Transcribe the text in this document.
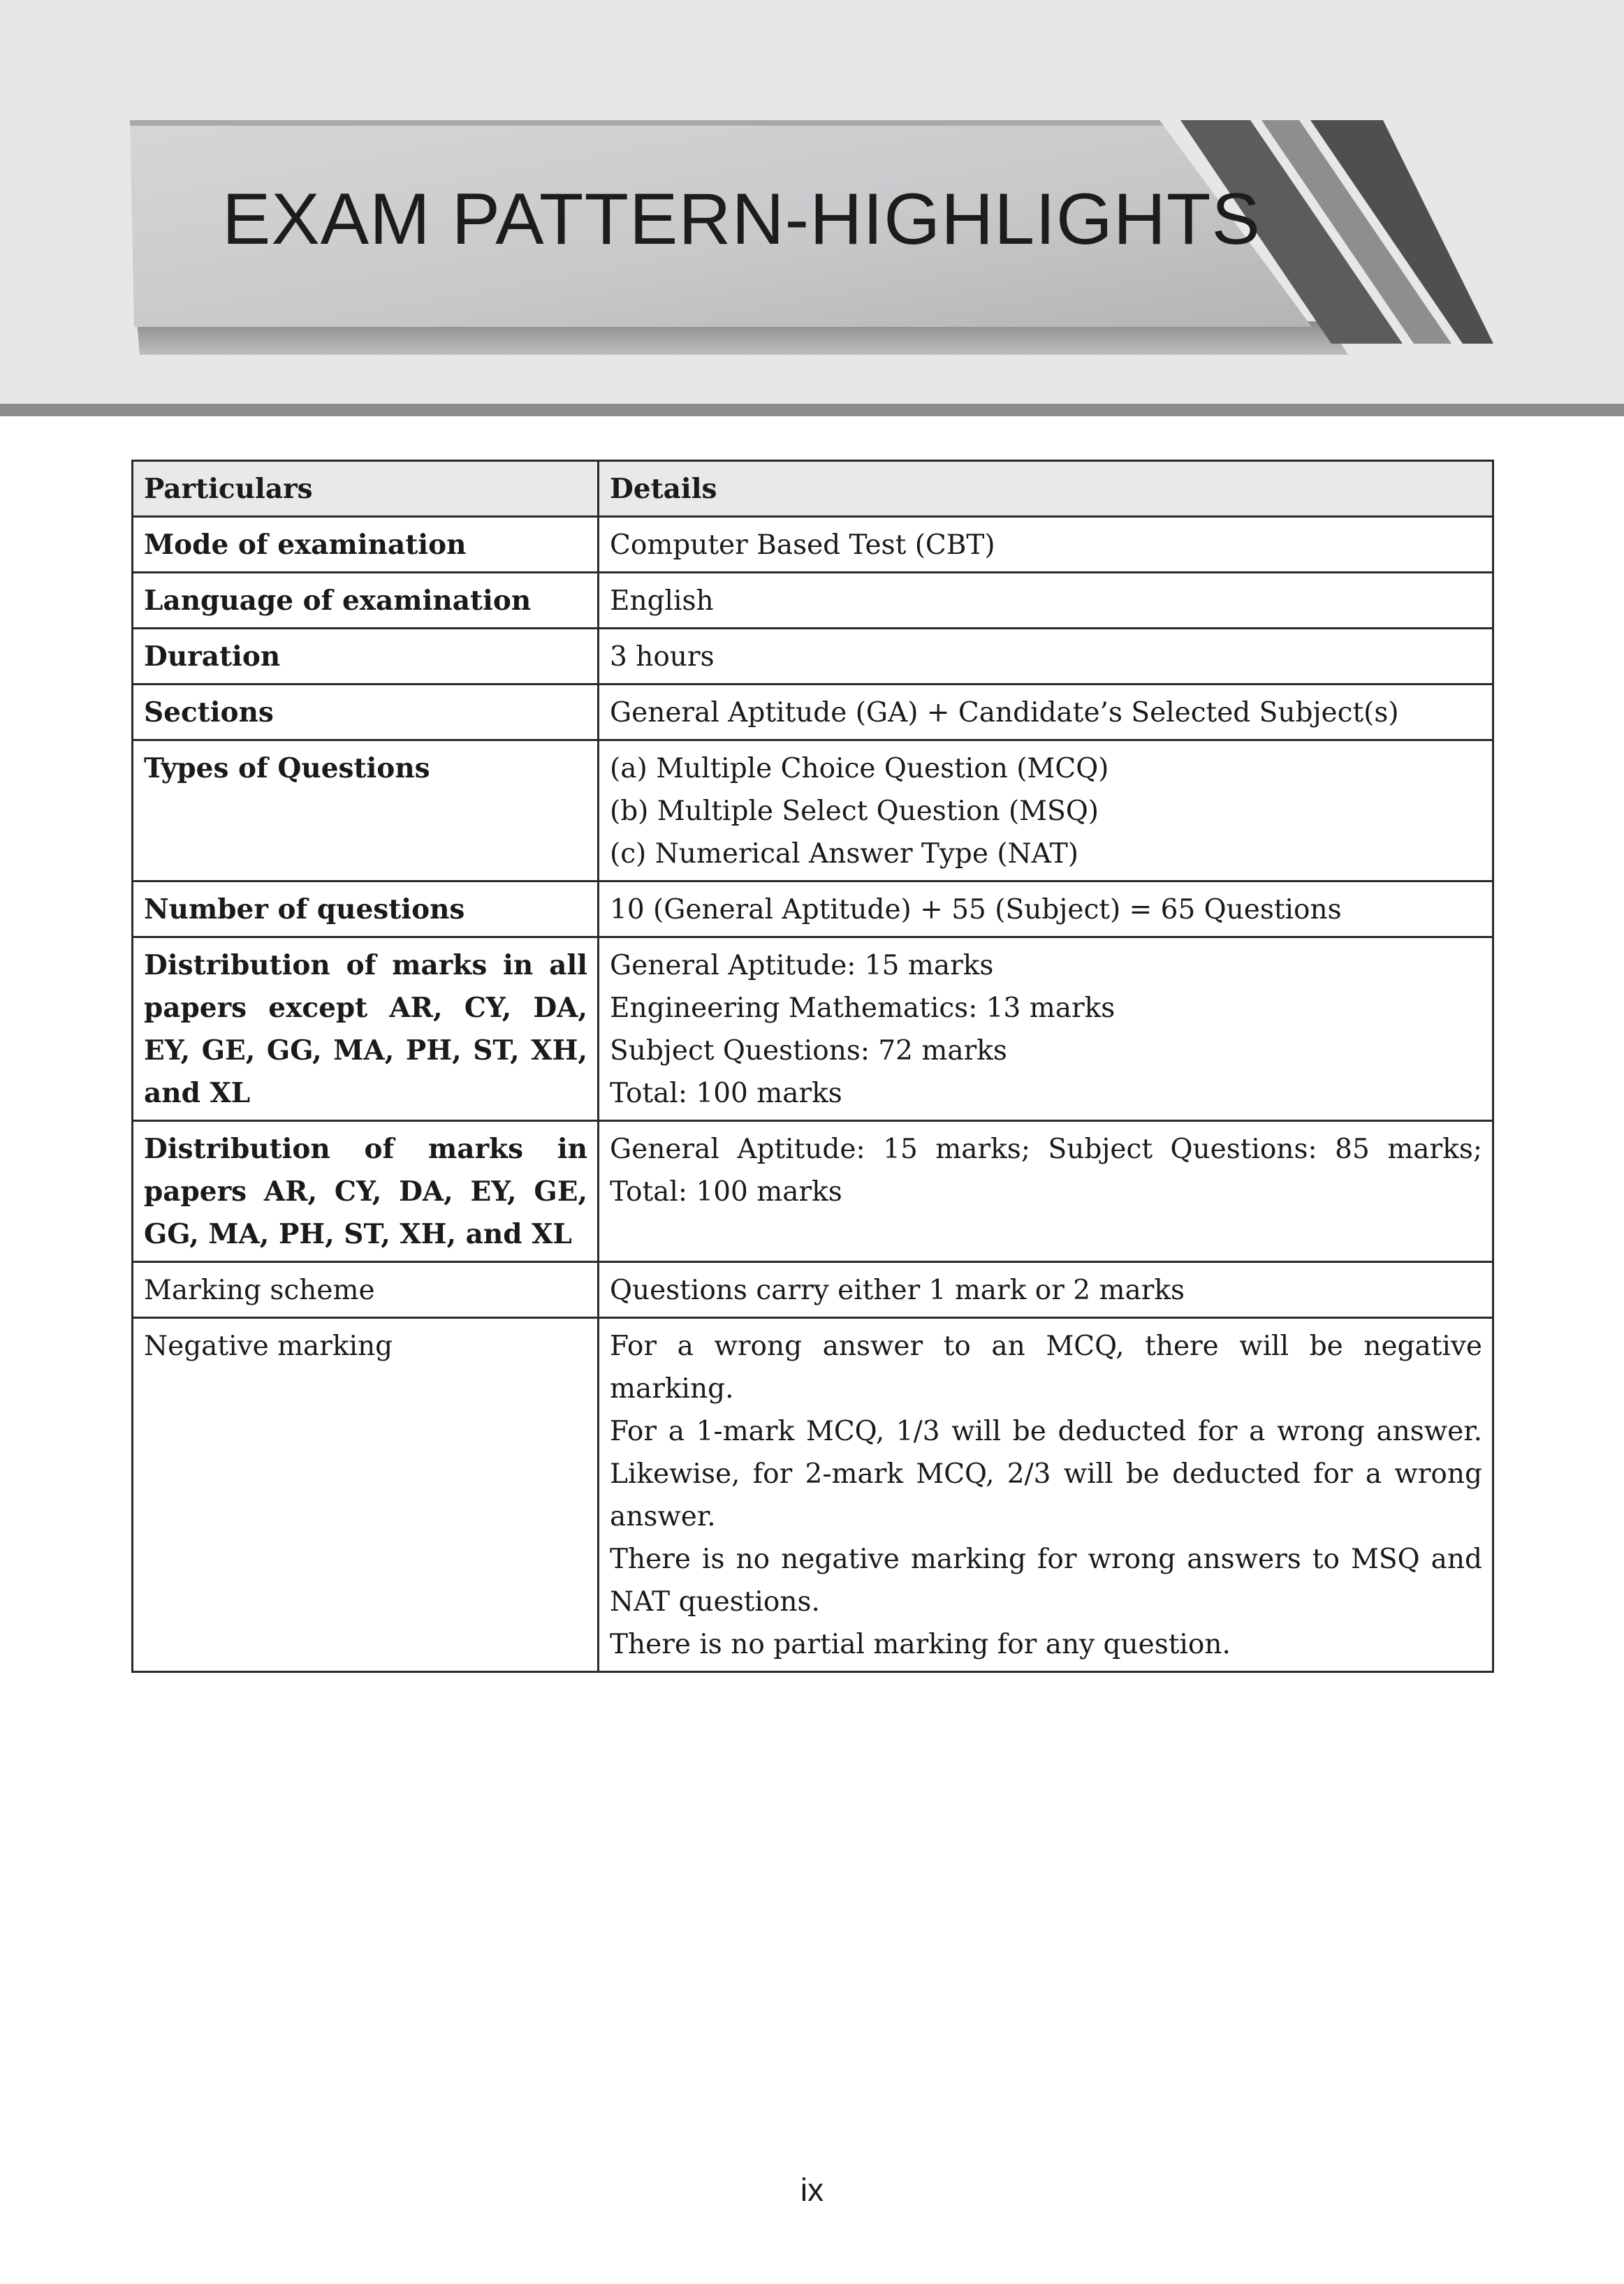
EXAM PATTERN-HIGHLIGHTS
Particulars	Details
Mode of examination	Computer Based Test (CBT)
Language of examination	English
Duration	3 hours
Sections	General Aptitude (GA) + Candidate’s Selected Subject(s)
Types of Questions	(a) Multiple Choice Question (MCQ)
(b) Multiple Select Question (MSQ)
(c) Numerical Answer Type (NAT)

Number of questions	10 (General Aptitude) + 55 (Subject) = 65 Questions
Distribution of marks in all papers except AR, CY, DA, EY, GE, GG, MA, PH, ST, XH, and XL	General Aptitude: 15 marks
Engineering Mathematics: 13 marks
Subject Questions: 72 marks
Total: 100 marks

Distribution of marks in papers AR, CY, DA, EY, GE, GG, MA, PH, ST, XH, and XL	General Aptitude: 15 marks; Subject Questions: 85 marks; Total: 100 marks
Marking scheme	Questions carry either 1 mark or 2 marks
Negative marking	For a wrong answer to an MCQ, there will be negative marking.
For a 1-mark MCQ, 1/3 will be deducted for a wrong answer. Likewise, for 2-mark MCQ, 2/3 will be deducted for a wrong answer.
There is no negative marking for wrong answers to MSQ and NAT questions.
There is no partial marking for any question.
ix
